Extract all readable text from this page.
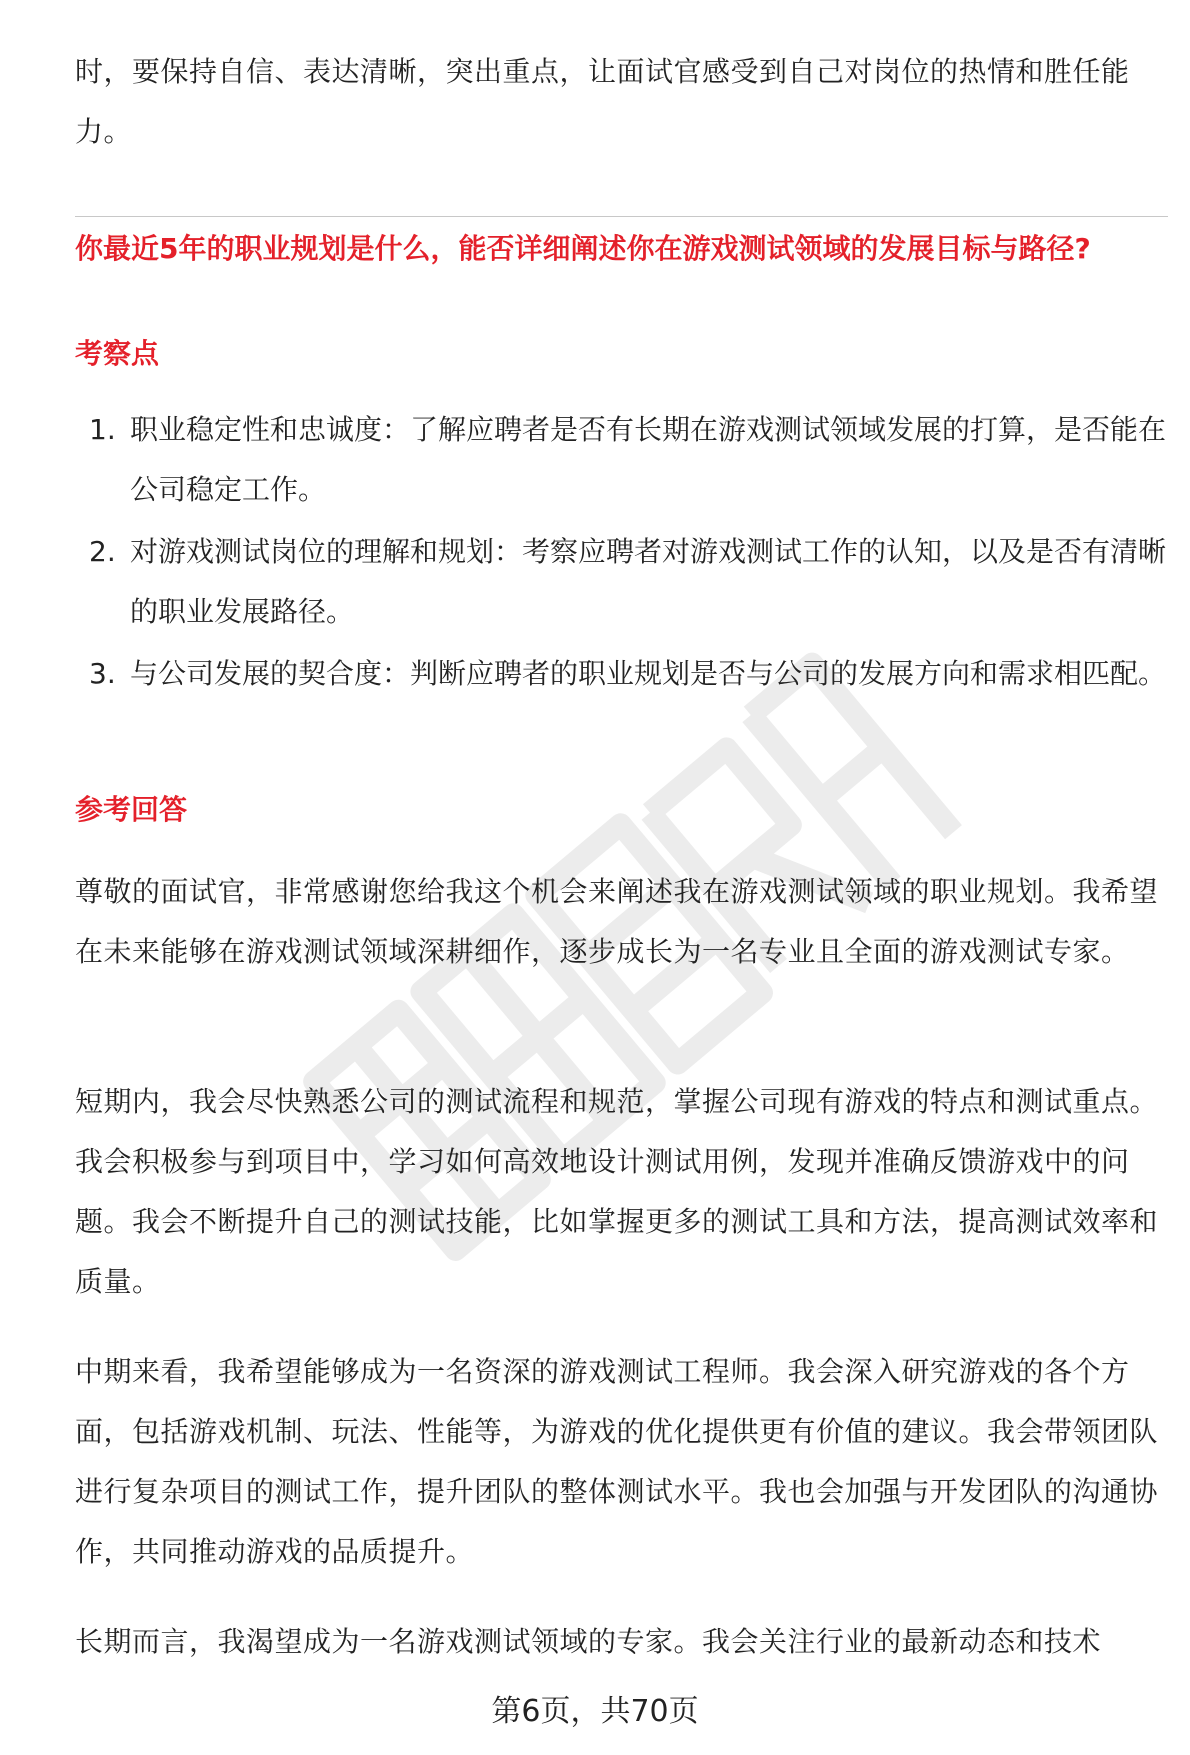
时，要保持自信、表达清晰，突出重点，让面试官感受到自己对岗位的热情和胜任能力。

你最近5年的职业规划是什么，能否详细阐述你在游戏测试领域的发展目标与路径?

考察点

1. 职业稳定性和忠诚度：了解应聘者是否有长期在游戏测试领域发展的打算，是否能在公司稳定工作。
2. 对游戏测试岗位的理解和规划：考察应聘者对游戏测试工作的认知，以及是否有清晰的职业发展路径。
3. 与公司发展的契合度：判断应聘者的职业规划是否与公司的发展方向和需求相匹配。

参考回答

尊敬的面试官，非常感谢您给我这个机会来阐述我在游戏测试领域的职业规划。我希望在未来能够在游戏测试领域深耕细作，逐步成长为一名专业且全面的游戏测试专家。

短期内，我会尽快熟悉公司的测试流程和规范，掌握公司现有游戏的特点和测试重点。我会积极参与到项目中，学习如何高效地设计测试用例，发现并准确反馈游戏中的问题。我会不断提升自己的测试技能，比如掌握更多的测试工具和方法，提高测试效率和质量。

中期来看，我希望能够成为一名资深的游戏测试工程师。我会深入研究游戏的各个方面，包括游戏机制、玩法、性能等，为游戏的优化提供更有价值的建议。我会带领团队进行复杂项目的测试工作，提升团队的整体测试水平。我也会加强与开发团队的沟通协作，共同推动游戏的品质提升。

长期而言，我渴望成为一名游戏测试领域的专家。我会关注行业的最新动态和技术

第6页，共70页
